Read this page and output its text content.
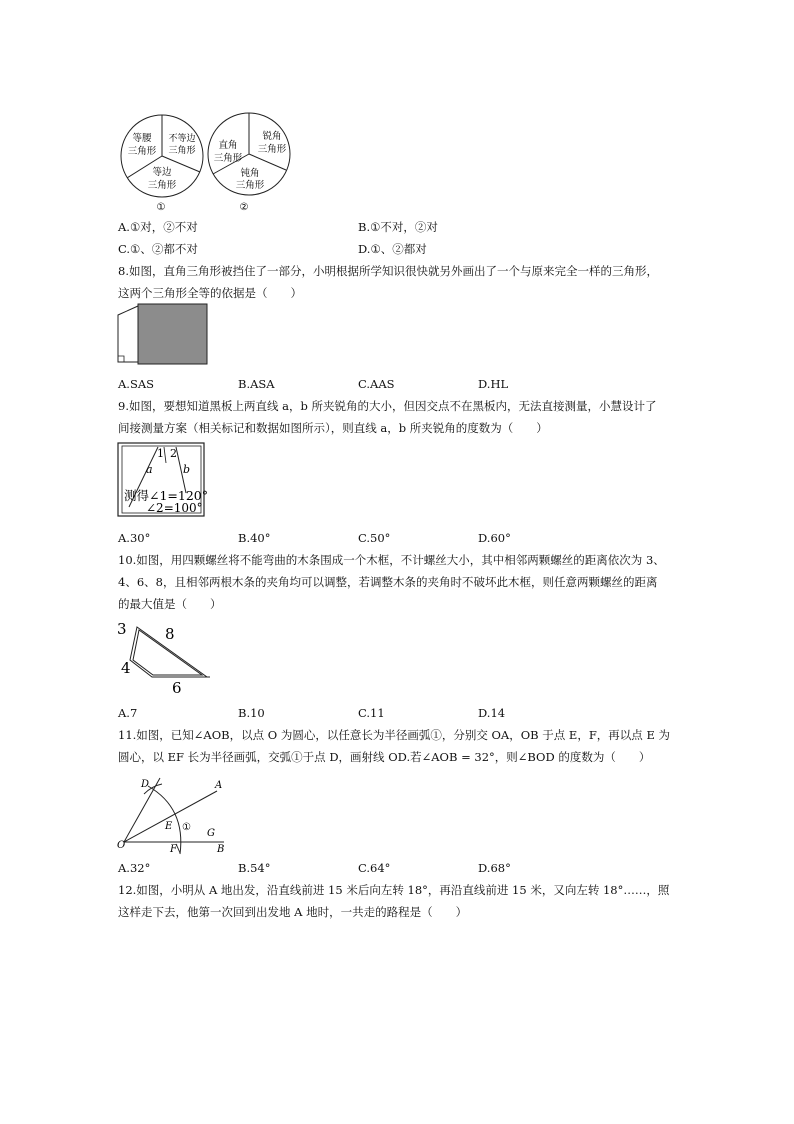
等腰
三角形
不等边
三角形
等边
三角形
①
直角
三角形
锐角
三角形
钝角
三角形
②
A.①对，②不对	B.①不对，②对
C.①、②都不对	D.①、②都对
8.如图，直角三角形被挡住了一部分，小明根据所学知识很快就另外画出了一个与原来完全一样的三角形，
这两个三角形全等的依据是（　　）
A.SAS	B.ASA	C.AAS	D.HL
9.如图，要想知道黑板上两直线 a，b 所夹锐角的大小，但因交点不在黑板内，无法直接测量，小慧设计了
间接测量方案（相关标记和数据如图所示），则直线 a，b 所夹锐角的度数为（　　）
1 2
a	b
测得∠1=120°
∠2=100°
A.30°	B.40°	C.50°	D.60°
10.如图，用四颗螺丝将不能弯曲的木条围成一个木框，不计螺丝大小，其中相邻两颗螺丝的距离依次为 3、
4、6、8，且相邻两根木条的夹角均可以调整，若调整木条的夹角时不破坏此木框，则任意两颗螺丝的距离
的最大值是（　　）
3	8
4
6
A.7	B.10	C.11	D.14
11.如图，已知∠AOB，以点 O 为圆心，以任意长为半径画弧①，分别交 OA，OB 于点 E，F，再以点 E 为
圆心，以 EF 长为半径画弧，交弧①于点 D，画射线 OD.若∠AOB = 32°，则∠BOD 的度数为（　　）
D	A
E ①
G
O	F	B
A.32°	B.54°	C.64°	D.68°
12.如图，小明从 A 地出发，沿直线前进 15 米后向左转 18°，再沿直线前进 15 米，又向左转 18°……，照
这样走下去，他第一次回到出发地 A 地时，一共走的路程是（　　）
